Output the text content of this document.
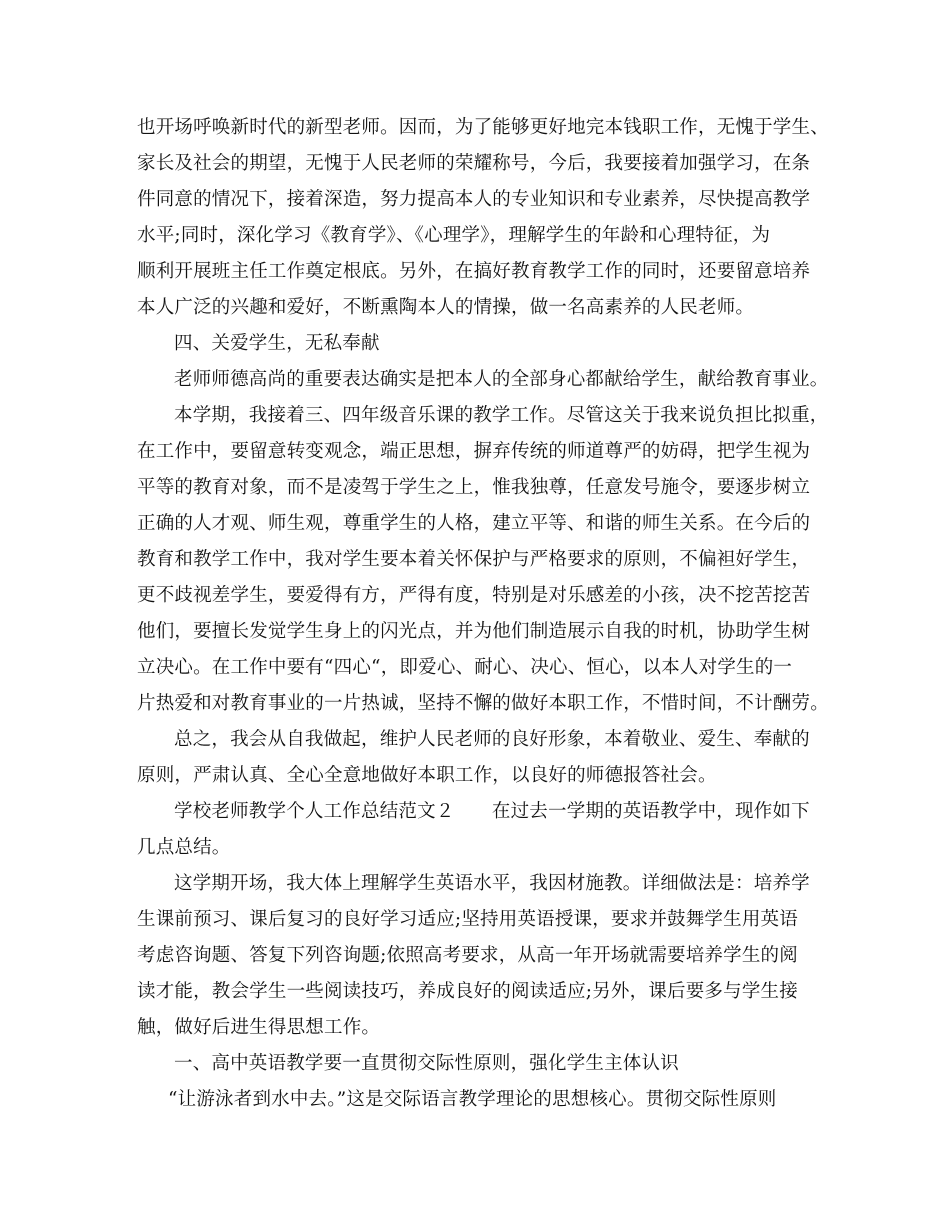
也开场呼唤新时代的新型老师。因而，为了能够更好地完本钱职工作，无愧于学生、
家长及社会的期望，无愧于人民老师的荣耀称号，今后，我要接着加强学习，在条
件同意的情况下，接着深造，努力提高本人的专业知识和专业素养，尽快提高教学
水平;同时，深化学习《教育学》、《心理学》，理解学生的年龄和心理特征，为
顺利开展班主任工作奠定根底。另外，在搞好教育教学工作的同时，还要留意培养
本人广泛的兴趣和爱好，不断熏陶本人的情操，做一名高素养的人民老师。
四、关爱学生，无私奉献
老师师德高尚的重要表达确实是把本人的全部身心都献给学生，献给教育事业。
本学期，我接着三、四年级音乐课的教学工作。尽管这关于我来说负担比拟重，
在工作中，要留意转变观念，端正思想，摒弃传统的师道尊严的妨碍，把学生视为
平等的教育对象，而不是凌驾于学生之上，惟我独尊，任意发号施令，要逐步树立
正确的人才观、师生观，尊重学生的人格，建立平等、和谐的师生关系。在今后的
教育和教学工作中，我对学生要本着关怀保护与严格要求的原则，不偏袒好学生，
更不歧视差学生，要爱得有方，严得有度，特别是对乐感差的小孩，决不挖苦挖苦
他们，要擅长发觉学生身上的闪光点，并为他们制造展示自我的时机，协助学生树
立决心。在工作中要有“四心“，即爱心、耐心、决心、恒心，以本人对学生的一
片热爱和对教育事业的一片热诚，坚持不懈的做好本职工作，不惜时间，不计酬劳。
总之，我会从自我做起，维护人民老师的良好形象，本着敬业、爱生、奉献的
原则，严肃认真、全心全意地做好本职工作，以良好的师德报答社会。
学校老师教学个人工作总结范文２　　在过去一学期的英语教学中，现作如下
几点总结。
这学期开场，我大体上理解学生英语水平，我因材施教。详细做法是：培养学
生课前预习、课后复习的良好学习适应;坚持用英语授课，要求并鼓舞学生用英语
考虑咨询题、答复下列咨询题;依照高考要求，从高一年开场就需要培养学生的阅
读才能，教会学生一些阅读技巧，养成良好的阅读适应;另外，课后要多与学生接
触，做好后进生得思想工作。
一、高中英语教学要一直贯彻交际性原则，强化学生主体认识
“让游泳者到水中去。”这是交际语言教学理论的思想核心。贯彻交际性原则
